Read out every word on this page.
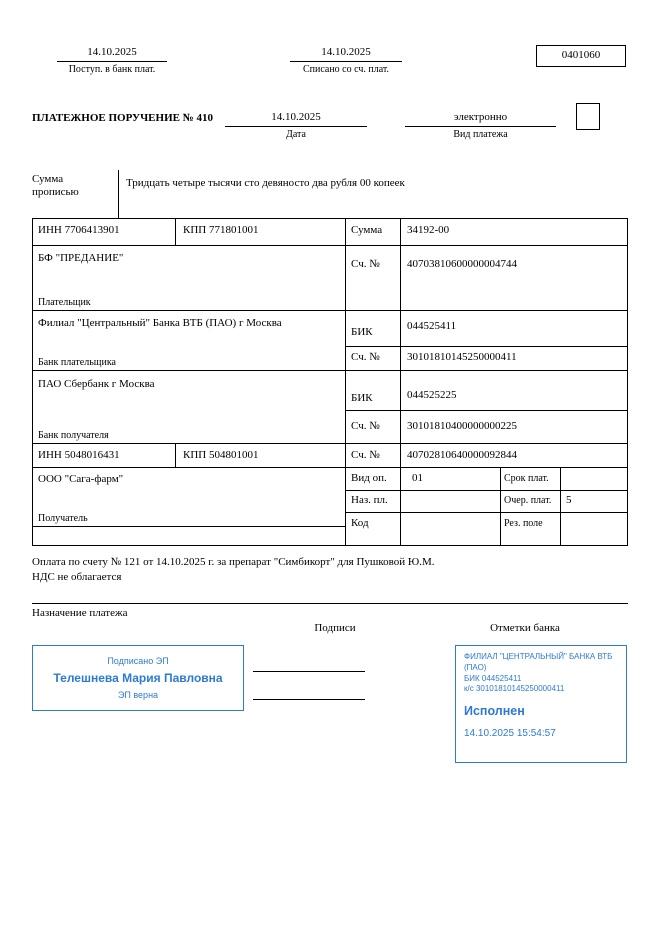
14.10.2025
Поступ. в банк плат.
14.10.2025
Списано со сч. плат.
0401060
ПЛАТЕЖНОЕ ПОРУЧЕНИЕ № 410	14.10.2025
Дата
электронно
Вид платежа
Сумма прописью
Тридцать четыре тысячи сто девяносто два рубля 00 копеек
ИНН 7706413901	КПП 771801001	Сумма 34192-00
БФ "ПРЕДАНИЕ"
Плательщик
Сч. № 40703810600000004744
Филиал "Центральный" Банка ВТБ (ПАО) г Москва
Банк плательщика
БИК	044525411
Сч. № 30101810145250000411
ПАО Сбербанк г Москва
Банк получателя
БИК	044525225
Сч. № 30101810400000000225
ИНН 5048016431	КПП 504801001	Сч. № 40702810640000092844
ООО "Сага-фарм"
Получатель
Вид оп. 01	Срок плат.
Наз. пл.	Очер. плат. 5
Код	Рез. поле
Оплата по счету № 121 от 14.10.2025 г. за препарат "Симбикорт" для Пушковой Ю.М.
НДС не облагается
Назначение платежа
Подписи	Отметки банка
Подписано ЭП
Телешнева Мария Павловна
ЭП верна
ФИЛИАЛ "ЦЕНТРАЛЬНЫЙ" БАНКА ВТБ (ПАО)
БИК 044525411
к/с 30101810145250000411
Исполнен
14.10.2025 15:54:57
